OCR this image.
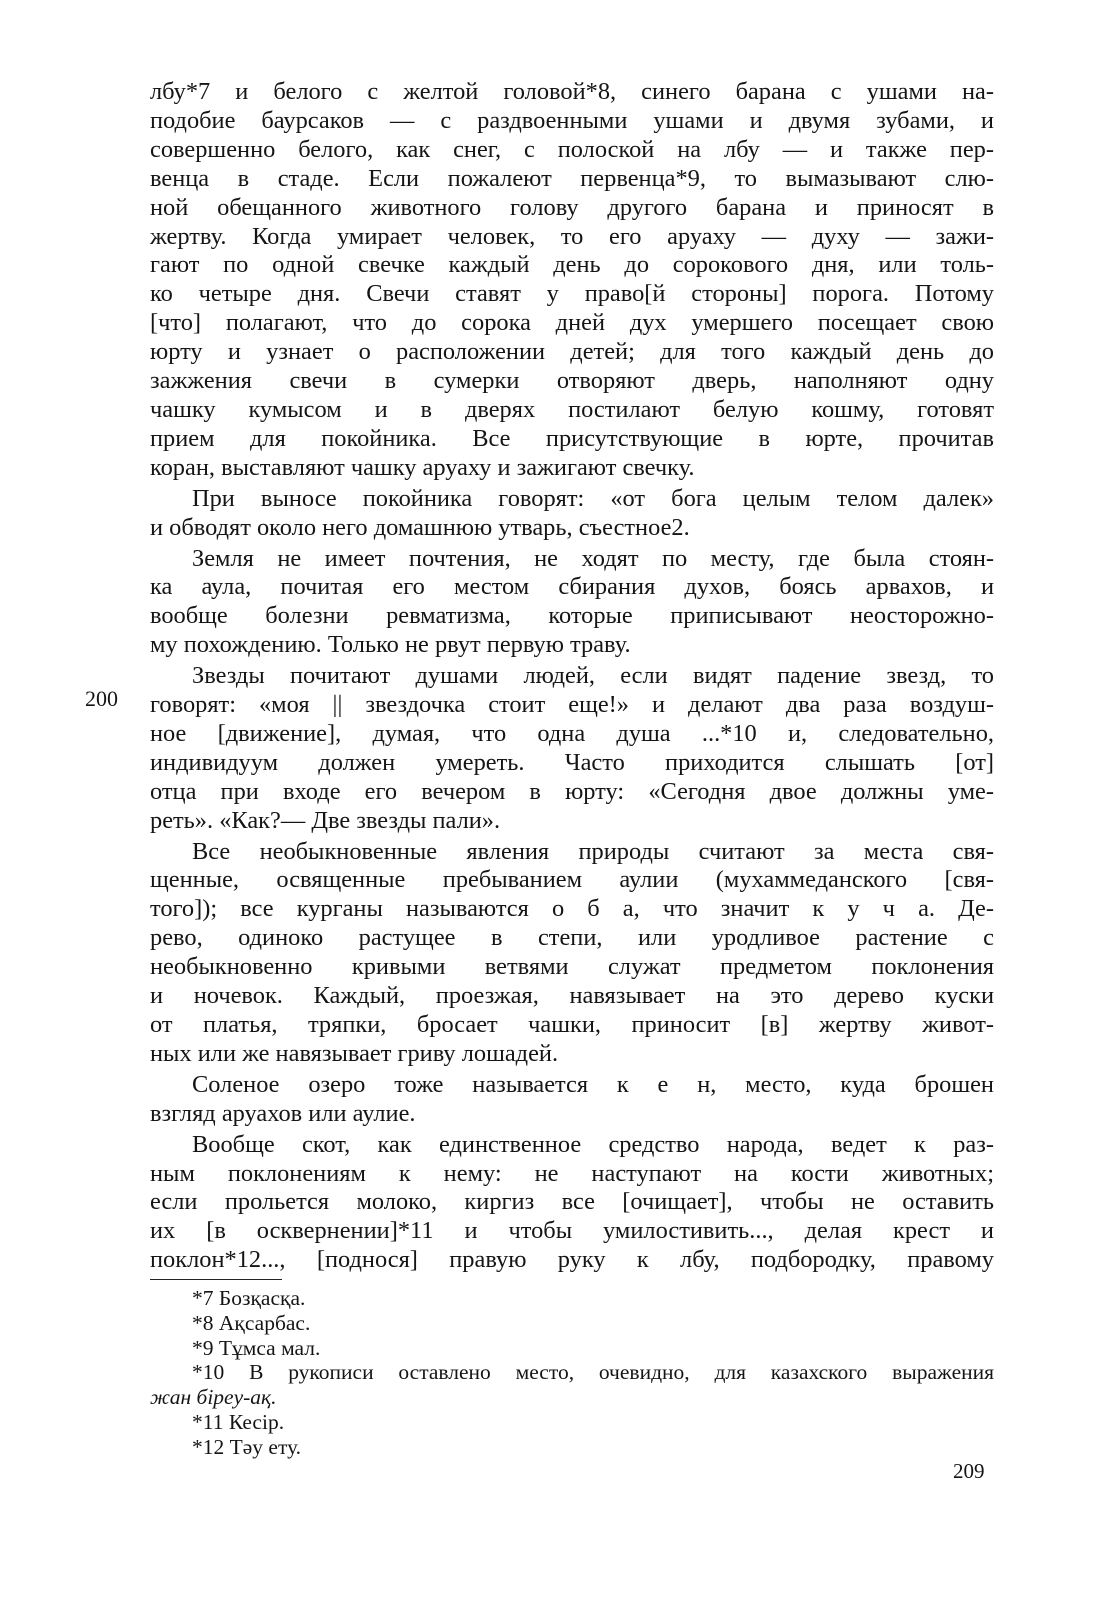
лбу*7 и белого с желтой головой*8, синего барана с ушами на-
подобие баурсаков — с раздвоенными ушами и двумя зубами, и
совершенно белого, как снег, с полоской на лбу — и также пер-
венца в стаде. Если пожалеют первенца*9, то вымазывают слю-
ной обещанного животного голову другого барана и приносят в
жертву. Когда умирает человек, то его аруаху — духу — зажи-
гают по одной свечке каждый день до сорокового дня, или толь-
ко четыре дня. Свечи ставят у право[й стороны] порога. Потому
[что] полагают, что до сорока дней дух умершего посещает свою
юрту и узнает о расположении детей; для того каждый день до
зажжения свечи в сумерки отворяют дверь, наполняют одну
чашку кумысом и в дверях постилают белую кошму, готовят
прием для покойника. Все присутствующие в юрте, прочитав
коран, выставляют чашку аруаху и зажигают свечку.

При выносе покойника говорят: «от бога целым телом далек»
и обводят около него домашнюю утварь, съестное2.

Земля не имеет почтения, не ходят по месту, где была стоян-
ка аула, почитая его местом сбирания духов, боясь арвахов, и
вообще болезни ревматизма, которые приписывают неосторожно-
му похождению. Только не рвут первую траву.

Звезды почитают душами людей, если видят падение звезд, то
говорят: «моя || звездочка стоит еще!» и делают два раза воздуш-
ное [движение], думая, что одна душа ...*10 и, следовательно,
индивидуум должен умереть. Часто приходится слышать [от]
отца при входе его вечером в юрту: «Сегодня двое должны уме-
реть». «Как?— Две звезды пали».

Все необыкновенные явления природы считают за места свя-
щенные, освященные пребыванием аулии (мухаммеданского [свя-
того]); все курганы называются о б а, что значит к у ч а. Де-
рево, одиноко растущее в степи, или уродливое растение с
необыкновенно кривыми ветвями служат предметом поклонения
и ночевок. Каждый, проезжая, навязывает на это дерево куски
от платья, тряпки, бросает чашки, приносит [в] жертву живот-
ных или же навязывает гриву лошадей.

Соленое озеро тоже называется к е н, место, куда брошен
взгляд аруахов или аулие.

Вообще скот, как единственное средство народа, ведет к раз-
ным поклонениям к нему: не наступают на кости животных;
если прольется молоко, киргиз все [очищает], чтобы не оставить
их [в осквернении]*11 и чтобы умилостивить..., делая крест и
поклон*12..., [поднося] правую руку к лбу, подбородку, правому

200
*7 Бозқасқа.
*8 Ақсарбас.
*9 Тұмса мал.
*10 В рукописи оставлено место, очевидно, для казахского выражения
жан біреу-ақ.
*11 Кесір.
*12 Тәу ету.
209
